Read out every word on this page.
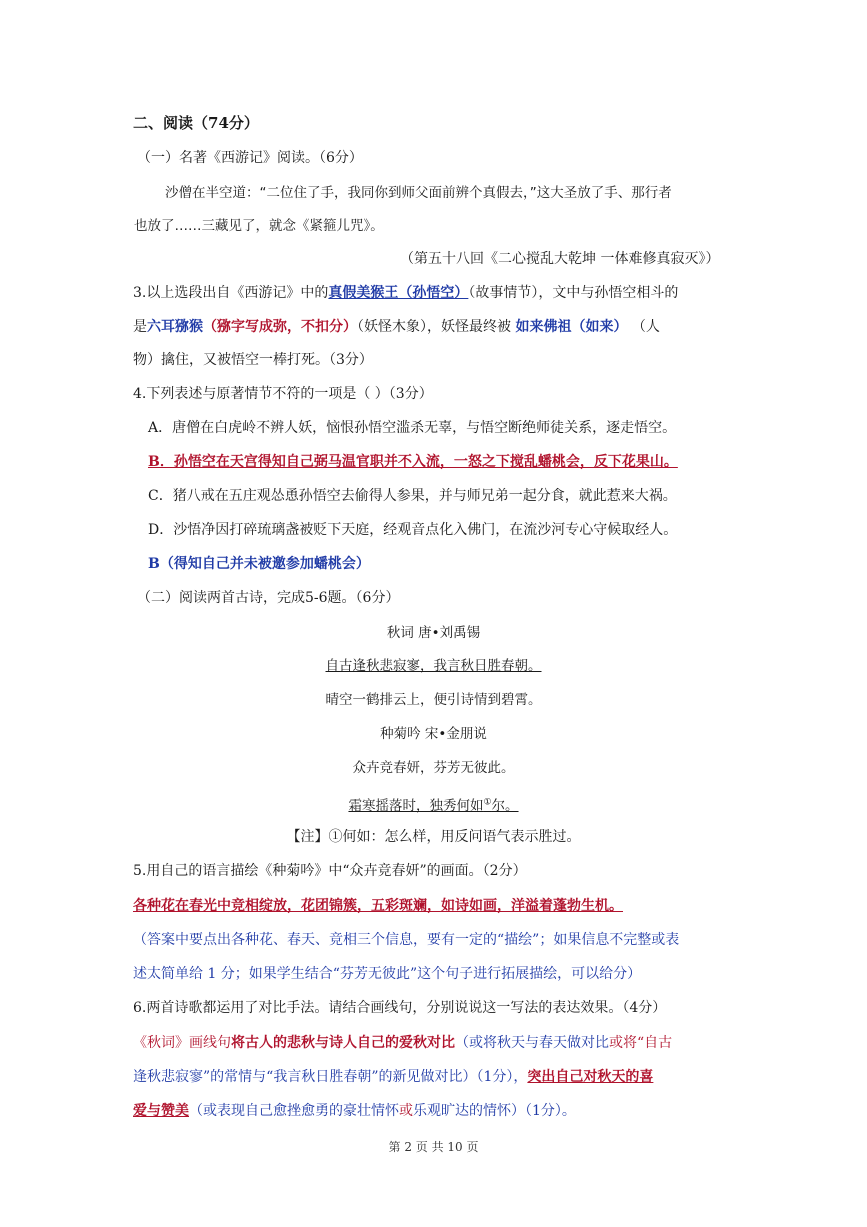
二、阅读（74分）
（一）名著《西游记》阅读。（6分）
沙僧在半空道：“二位住了手，我同你到师父面前辨个真假去，”这大圣放了手、那行者
也放了……三藏见了，就念《紧箍儿咒》。
（第五十八回《二心搅乱大乾坤 一体难修真寂灭》）
3.以上选段出自《西游记》中的真假美猴王（孙悟空）（故事情节），文中与孙悟空相斗的
是六耳猕猴（猕字写成弥，不扣分）（妖怪木象），妖怪最终被 如来佛祖（如来） （人
物）擒住，又被悟空一棒打死。（3分）
4.下列表述与原著情节不符的一项是（ ）（3分）
A．唐僧在白虎岭不辨人妖，恼恨孙悟空滥杀无辜，与悟空断绝师徒关系，逐走悟空。
B．孙悟空在天宫得知自己弼马温官职并不入流，一怒之下搅乱蟠桃会，反下花果山。
C．猪八戒在五庄观怂恿孙悟空去偷得人参果，并与师兄弟一起分食，就此惹来大祸。
D．沙悟净因打碎琉璃盏被贬下天庭，经观音点化入佛门，在流沙河专心守候取经人。
B（得知自己并未被邀参加蟠桃会）
（二）阅读两首古诗，完成5-6题。（6分）
秋词 唐•刘禹锡
自古逢秋悲寂寥，我言秋日胜春朝。
晴空一鹤排云上，便引诗情到碧霄。
种菊吟 宋•金朋说
众卉竞春妍，芬芳无彼此。
霜寒摇落时，独秀何如①尔。
【注】①何如：怎么样，用反问语气表示胜过。
5.用自己的语言描绘《种菊吟》中“众卉竞春妍”的画面。（2分）
各种花在春光中竞相绽放，花团锦簇，五彩斑斓，如诗如画，洋溢着蓬勃生机。
（答案中要点出各种花、春天、竞相三个信息，要有一定的“描绘”；如果信息不完整或表
述太简单给 1 分；如果学生结合“芬芳无彼此”这个句子进行拓展描绘，可以给分）
6.两首诗歌都运用了对比手法。请结合画线句，分别说说这一写法的表达效果。（4分）
《秋词》画线句将古人的悲秋与诗人自己的爱秋对比（或将秋天与春天做对比或将“自古
逢秋悲寂寥”的常情与“我言秋日胜春朝”的新见做对比）（1分），突出自己对秋天的喜
爱与赞美（或表现自己愈挫愈勇的豪壮情怀或乐观旷达的情怀）（1分）。
第 2 页 共 10 页
